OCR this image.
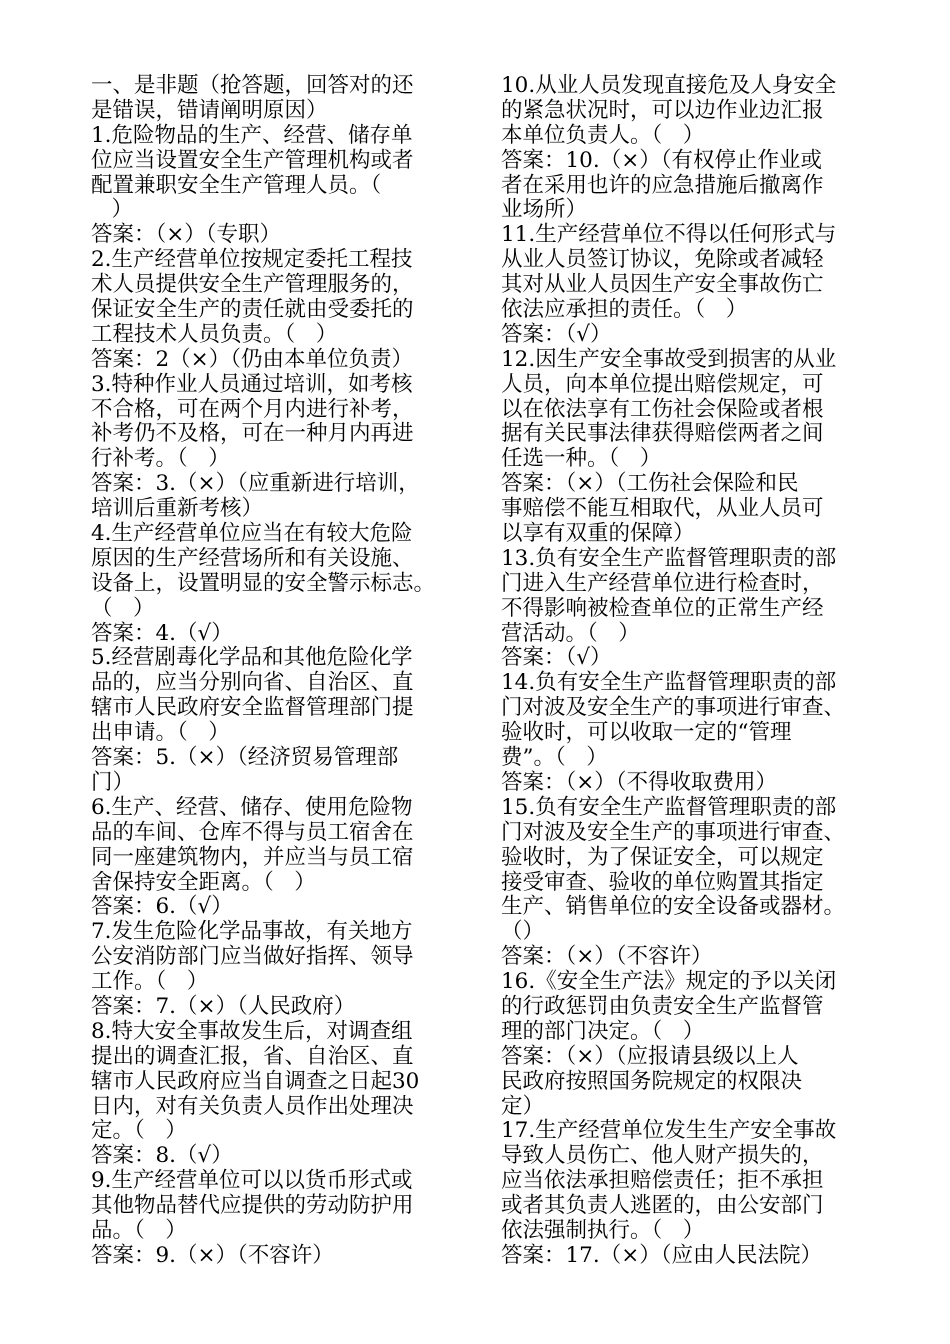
一、是非题（抢答题，回答对的还
是错误，错请阐明原因）
1.危险物品的生产、经营、储存单
位应当设置安全生产管理机构或者
配置兼职安全生产管理人员。（
）
答案：（×）（专职）
2.生产经营单位按规定委托工程技
术人员提供安全生产管理服务的，
保证安全生产的责任就由受委托的
工程技术人员负责。（   ）
答案：2（×）（仍由本单位负责）
3.特种作业人员通过培训，如考核
不合格，可在两个月内进行补考，
补考仍不及格，可在一种月内再进
行补考。（   ）
答案：3.（×）（应重新进行培训，
培训后重新考核）
4.生产经营单位应当在有较大危险
原因的生产经营场所和有关设施、
设备上，设置明显的安全警示标志。
（   ）
答案：4.（√）
5.经营剧毒化学品和其他危险化学
品的，应当分别向省、自治区、直
辖市人民政府安全监督管理部门提
出申请。（   ）
答案：5.（×）（经济贸易管理部
门）
6.生产、经营、储存、使用危险物
品的车间、仓库不得与员工宿舍在
同一座建筑物内，并应当与员工宿
舍保持安全距离。（   ）
答案：6.（√）
7.发生危险化学品事故，有关地方
公安消防部门应当做好指挥、领导
工作。（   ）
答案：7.（×）（人民政府）
8.特大安全事故发生后，对调查组
提出的调查汇报，省、自治区、直
辖市人民政府应当自调查之日起30
日内，对有关负责人员作出处理决
定。（   ）
答案：8.（√）
9.生产经营单位可以以货币形式或
其他物品替代应提供的劳动防护用
品。（   ）
答案：9.（×）（不容许）
10.从业人员发现直接危及人身安全
的紧急状况时，可以边作业边汇报
本单位负责人。（   ）
答案：10.（×）（有权停止作业或
者在采用也许的应急措施后撤离作
业场所）
11.生产经营单位不得以任何形式与
从业人员签订协议，免除或者减轻
其对从业人员因生产安全事故伤亡
依法应承担的责任。（   ）
答案：（√）
12.因生产安全事故受到损害的从业
人员，向本单位提出赔偿规定，可
以在依法享有工伤社会保险或者根
据有关民事法律获得赔偿两者之间
任选一种。（   ）
答案：（×）（工伤社会保险和民
事赔偿不能互相取代，从业人员可
以享有双重的保障）
13.负有安全生产监督管理职责的部
门进入生产经营单位进行检查时，
不得影响被检查单位的正常生产经
营活动。（   ）
答案：（√）
14.负有安全生产监督管理职责的部
门对波及安全生产的事项进行审查、
验收时，可以收取一定的“管理
费”。（   ）
答案：（×）（不得收取费用）
15.负有安全生产监督管理职责的部
门对波及安全生产的事项进行审查、
验收时，为了保证安全，可以规定
接受审查、验收的单位购置其指定
生产、销售单位的安全设备或器材。
（）
答案：（×）（不容许）
16.《安全生产法》规定的予以关闭
的行政惩罚由负责安全生产监督管
理的部门决定。（   ）
答案：（×）（应报请县级以上人
民政府按照国务院规定的权限决
定）
17.生产经营单位发生生产安全事故
导致人员伤亡、他人财产损失的，
应当依法承担赔偿责任；拒不承担
或者其负责人逃匿的，由公安部门
依法强制执行。（   ）
答案：17.（×）（应由人民法院）
